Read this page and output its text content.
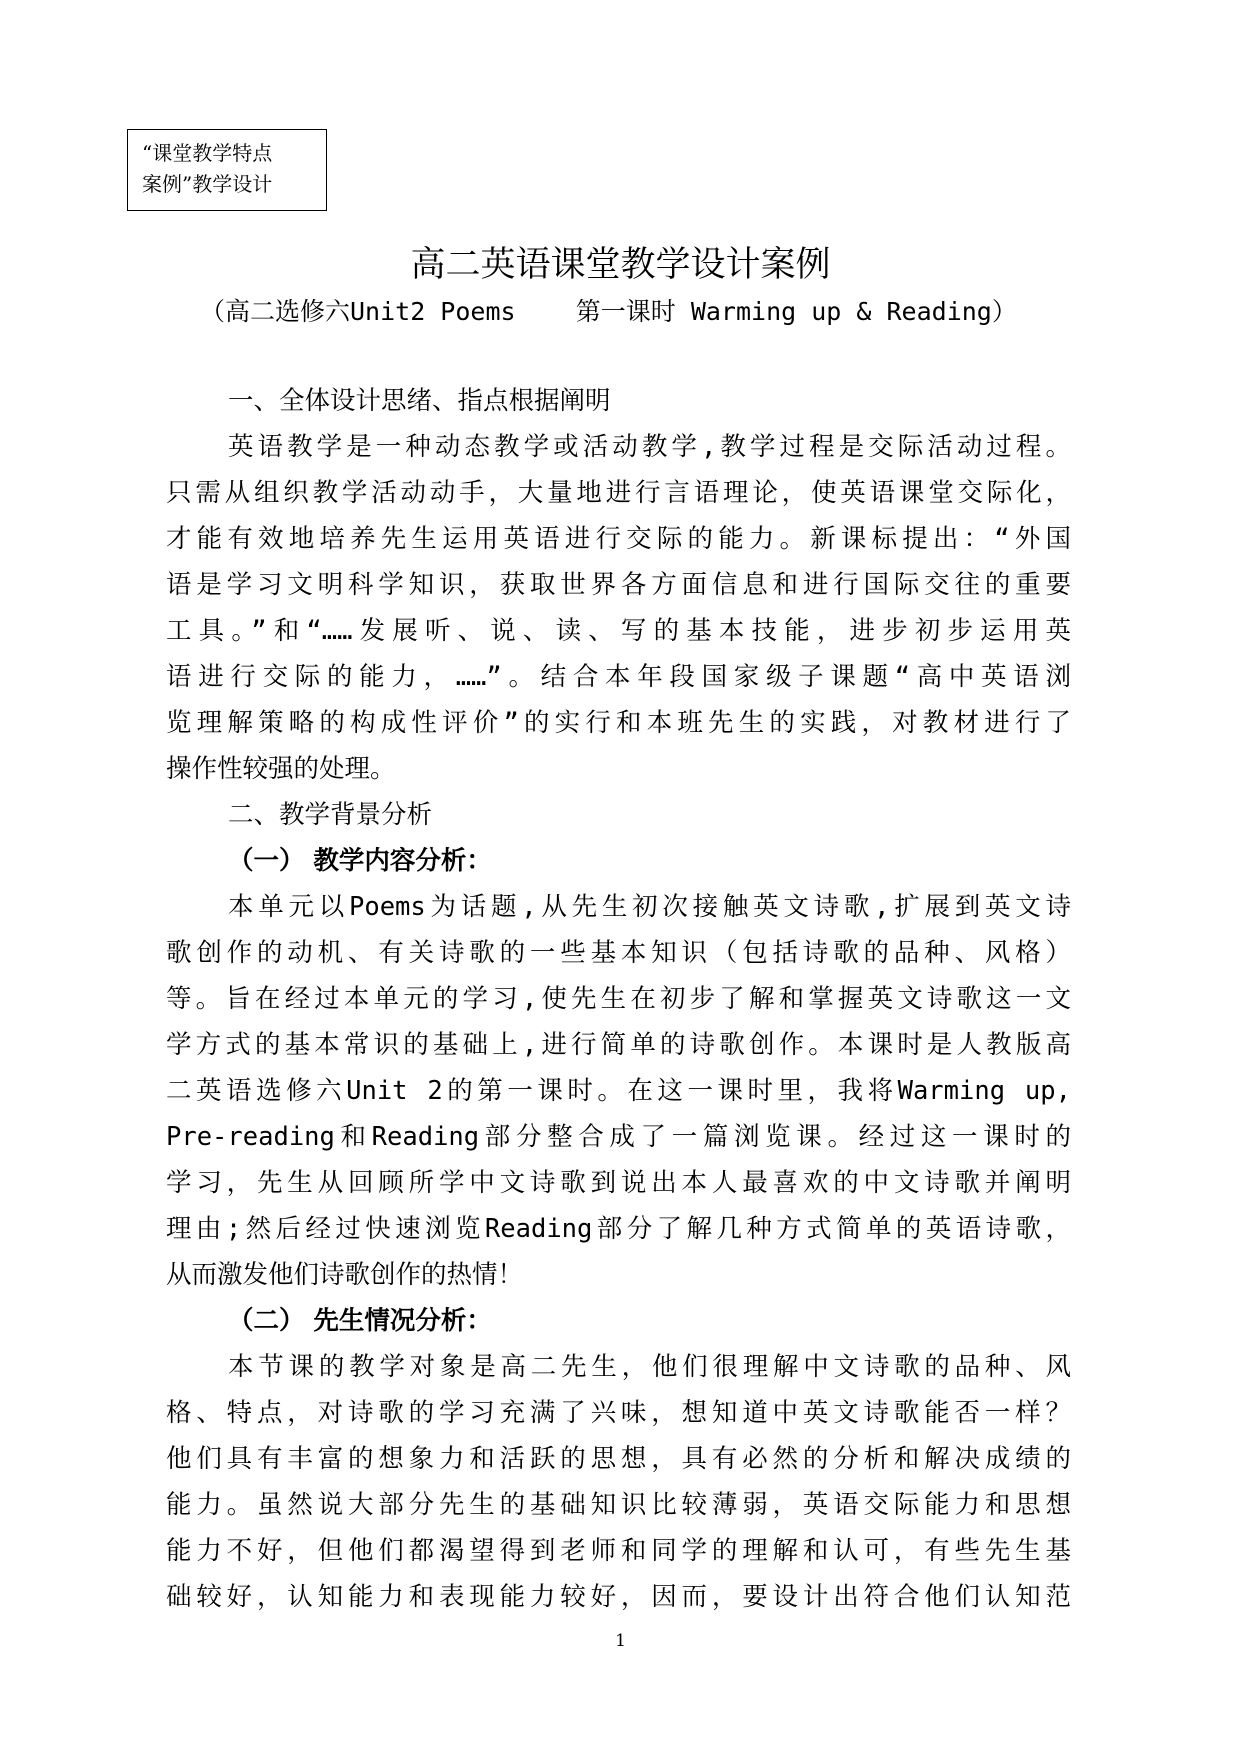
“课堂教学特点
案例”教学设计
高二英语课堂教学设计案例
（高二选修六Unit2 Poems    第一课时 Warming up & Reading）
一、全体设计思绪、指点根据阐明
英语教学是一种动态教学或活动教学,教学过程是交际活动过程。
只需从组织教学活动动手，大量地进行言语理论，使英语课堂交际化，
才能有效地培养先生运用英语进行交际的能力。新课标提出：“外国
语是学习文明科学知识，获取世界各方面信息和进行国际交往的重要
工具。”和“……发展听、说、读、写的基本技能，进步初步运用英
语进行交际的能力，……”。结合本年段国家级子课题“高中英语浏
览理解策略的构成性评价”的实行和本班先生的实践，对教材进行了
操作性较强的处理。
二、教学背景分析
（一） 教学内容分析：
本单元以Poems为话题,从先生初次接触英文诗歌,扩展到英文诗
歌创作的动机、有关诗歌的一些基本知识（包括诗歌的品种、风格）
等。旨在经过本单元的学习,使先生在初步了解和掌握英文诗歌这一文
学方式的基本常识的基础上,进行简单的诗歌创作。本课时是人教版高
二英语选修六Unit 2的第一课时。在这一课时里，我将Warming up,
Pre-reading和Reading部分整合成了一篇浏览课。经过这一课时的
学习，先生从回顾所学中文诗歌到说出本人最喜欢的中文诗歌并阐明
理由;然后经过快速浏览Reading部分了解几种方式简单的英语诗歌，
从而激发他们诗歌创作的热情！
（二） 先生情况分析：
本节课的教学对象是高二先生，他们很理解中文诗歌的品种、风
格、特点，对诗歌的学习充满了兴味，想知道中英文诗歌能否一样？
他们具有丰富的想象力和活跃的思想，具有必然的分析和解决成绩的
能力。虽然说大部分先生的基础知识比较薄弱，英语交际能力和思想
能力不好，但他们都渴望得到老师和同学的理解和认可，有些先生基
础较好，认知能力和表现能力较好，因而，要设计出符合他们认知范
1
